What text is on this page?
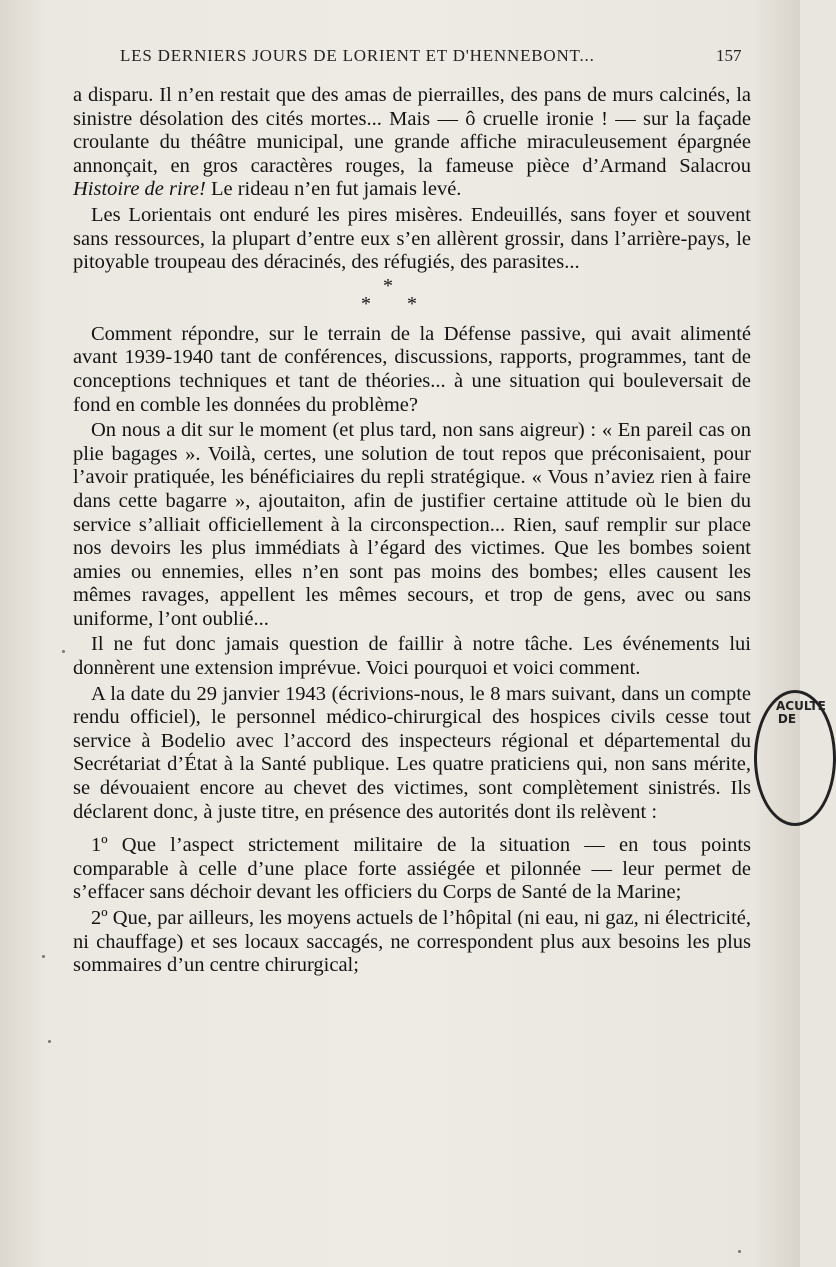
LES DERNIERS JOURS DE LORIENT ET D'HENNEBONT...	157

a disparu. Il n’en restait que des amas de pierrailles, des pans de murs calcinés, la sinistre désolation des cités mortes... Mais — ô cruelle ironie ! — sur la façade croulante du théâtre municipal, une grande affiche miraculeusement épargnée annonçait, en gros caractères rouges, la fameuse pièce d’Armand Salacrou Histoire de rire! Le rideau n’en fut jamais levé.

Les Lorientais ont enduré les pires misères. Endeuillés, sans foyer et souvent sans ressources, la plupart d’entre eux s’en allèrent grossir, dans l’arrière-pays, le pitoyable troupeau des déracinés, des réfugiés, des parasites...

*
* *

Comment répondre, sur le terrain de la Défense passive, qui avait alimenté avant 1939-1940 tant de conférences, discussions, rapports, programmes, tant de conceptions techniques et tant de théories... à une situation qui bouleversait de fond en comble les données du problème?

On nous a dit sur le moment (et plus tard, non sans aigreur) : « En pareil cas on plie bagages ». Voilà, certes, une solution de tout repos que préconisaient, pour l’avoir pratiquée, les bénéficiaires du repli stratégique. « Vous n’aviez rien à faire dans cette bagarre », ajoutaiton, afin de justifier certaine attitude où le bien du service s’alliait officiellement à la circonspection... Rien, sauf remplir sur place nos devoirs les plus immédiats à l’égard des victimes. Que les bombes soient amies ou ennemies, elles n’en sont pas moins des bombes; elles causent les mêmes ravages, appellent les mêmes secours, et trop de gens, avec ou sans uniforme, l’ont oublié...

Il ne fut donc jamais question de faillir à notre tâche. Les événements lui donnèrent une extension imprévue. Voici pourquoi et voici comment.

A la date du 29 janvier 1943 (écrivions-nous, le 8 mars suivant, dans un compte rendu officiel), le personnel médico-chirurgical des hospices civils cesse tout service à Bodelio avec l’accord des inspecteurs régional et départemental du Secrétariat d’État à la Santé publique. Les quatre praticiens qui, non sans mérite, se dévouaient encore au chevet des victimes, sont complètement sinistrés. Ils déclarent donc, à juste titre, en présence des autorités dont ils relèvent :

1º Que l’aspect strictement militaire de la situation — en tous points comparable à celle d’une place forte assiégée et pilonnée — leur permet de s’effacer sans déchoir devant les officiers du Corps de Santé de la Marine;

2º Que, par ailleurs, les moyens actuels de l’hôpital (ni eau, ni gaz, ni électricité, ni chauffage) et ses locaux saccagés, ne correspondent plus aux besoins les plus sommaires d’un centre chirurgical;

ACULTE DE
